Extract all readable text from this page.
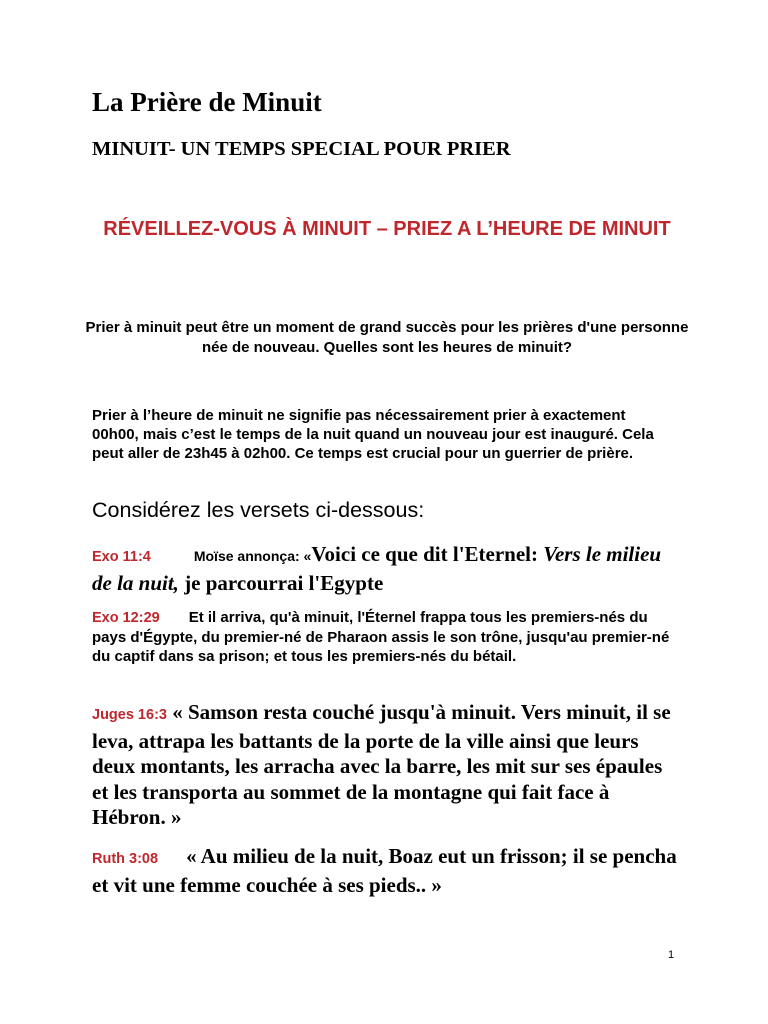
La Prière de Minuit
MINUIT- UN TEMPS SPECIAL POUR PRIER
RÉVEILLEZ-VOUS À MINUIT – PRIEZ A L’HEURE DE MINUIT
Prier à minuit peut être un moment de grand succès pour les prières d'une personne née de nouveau. Quelles sont les heures de minuit?
Prier à l’heure de minuit ne signifie pas nécessairement prier à exactement 00h00, mais c’est le temps de la nuit quand un nouveau jour est inauguré. Cela peut aller de 23h45 à 02h00. Ce temps est crucial pour un guerrier de prière.
Considérez les versets ci-dessous:
Exo 11:4	Moïse annonça: «Voici ce que dit l'Eternel: Vers le milieu de la nuit, je parcourrai l'Egypte
Exo 12:29 Et il arriva, qu'à minuit, l'Éternel frappa tous les premiers-nés du pays d'Égypte, du premier-né de Pharaon assis le son trône, jusqu'au premier-né du captif dans sa prison; et tous les premiers-nés du bétail.
Juges 16:3 « Samson resta couché jusqu'à minuit. Vers minuit, il se leva, attrapa les battants de la porte de la ville ainsi que leurs deux montants, les arracha avec la barre, les mit sur ses épaules et les transporta au sommet de la montagne qui fait face à Hébron. »
Ruth 3:08 « Au milieu de la nuit, Boaz eut un frisson; il se pencha et vit une femme couchée à ses pieds.. »
1
